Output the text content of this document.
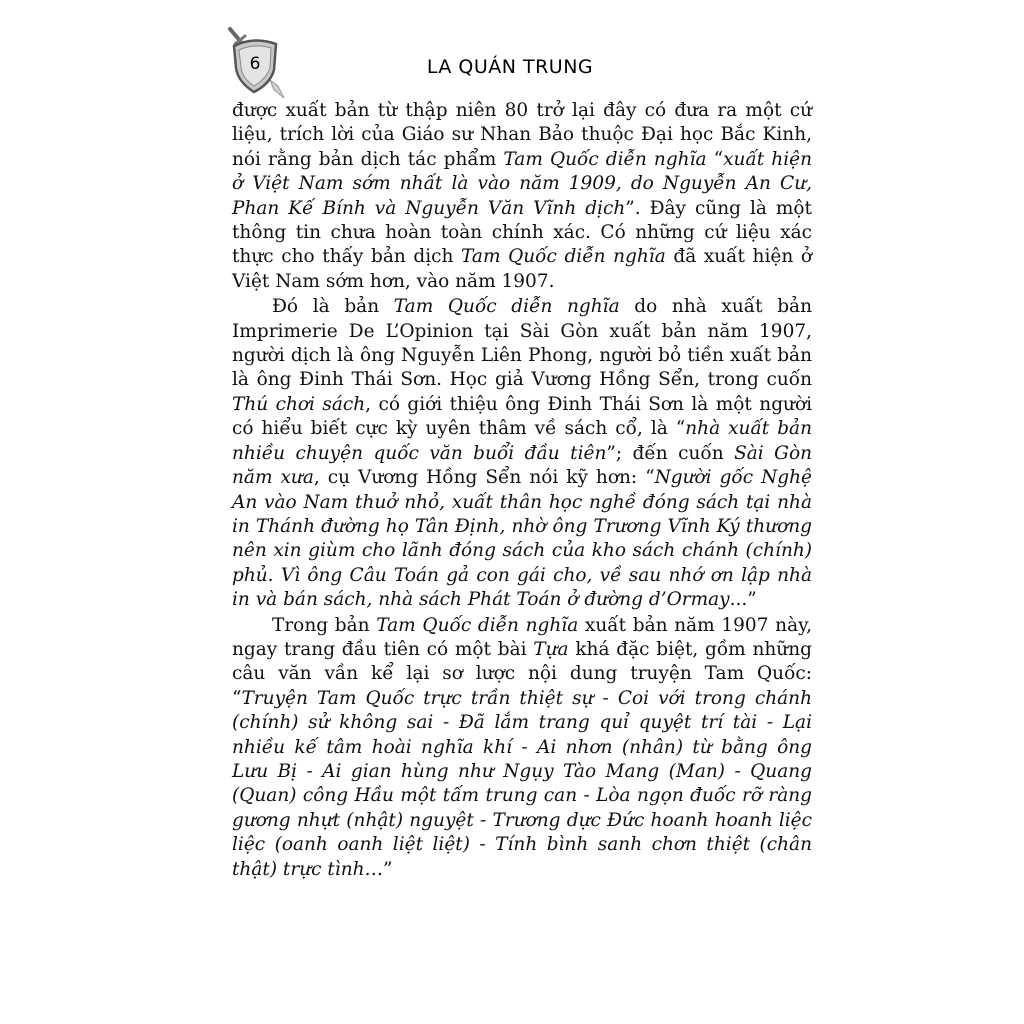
6	LA QUÁN TRUNG

được xuất bản từ thập niên 80 trở lại đây có đưa ra một cứ liệu, trích lời của Giáo sư Nhan Bảo thuộc Đại học Bắc Kinh, nói rằng bản dịch tác phẩm Tam Quốc diễn nghĩa “xuất hiện ở Việt Nam sớm nhất là vào năm 1909, do Nguyễn An Cư, Phan Kế Bính và Nguyễn Văn Vĩnh dịch”. Đây cũng là một thông tin chưa hoàn toàn chính xác. Có những cứ liệu xác thực cho thấy bản dịch Tam Quốc diễn nghĩa đã xuất hiện ở Việt Nam sớm hơn, vào năm 1907.

Đó là bản Tam Quốc diễn nghĩa do nhà xuất bản Imprimerie De L’Opinion tại Sài Gòn xuất bản năm 1907, người dịch là ông Nguyễn Liên Phong, người bỏ tiền xuất bản là ông Đinh Thái Sơn. Học giả Vương Hồng Sển, trong cuốn Thú chơi sách, có giới thiệu ông Đinh Thái Sơn là một người có hiểu biết cực kỳ uyên thâm về sách cổ, là “nhà xuất bản nhiều chuyện quốc văn buổi đầu tiên”; đến cuốn Sài Gòn năm xưa, cụ Vương Hồng Sển nói kỹ hơn: “Người gốc Nghệ An vào Nam thuở nhỏ, xuất thân học nghề đóng sách tại nhà in Thánh đường họ Tân Định, nhờ ông Trương Vĩnh Ký thương nên xin giùm cho lãnh đóng sách của kho sách chánh (chính) phủ. Vì ông Câu Toán gả con gái cho, về sau nhớ ơn lập nhà in và bán sách, nhà sách Phát Toán ở đường d’Ormay...”

Trong bản Tam Quốc diễn nghĩa xuất bản năm 1907 này, ngay trang đầu tiên có một bài Tựa khá đặc biệt, gồm những câu văn vần kể lại sơ lược nội dung truyện Tam Quốc: “Truyện Tam Quốc trực trần thiệt sự - Coi với trong chánh (chính) sử không sai - Đã lắm trang quỉ quyệt trí tài - Lại nhiều kế tâm hoài nghĩa khí - Ai nhơn (nhân) từ bằng ông Lưu Bị - Ai gian hùng như Ngụy Tào Mang (Man) - Quang (Quan) công Hầu một tấm trung can - Lòa ngọn đuốc rỡ ràng gương nhựt (nhật) nguyệt - Trương dực Đức hoanh hoanh liệc liệc (oanh oanh liệt liệt) - Tính bình sanh chơn thiệt (chân thật) trực tình…”
